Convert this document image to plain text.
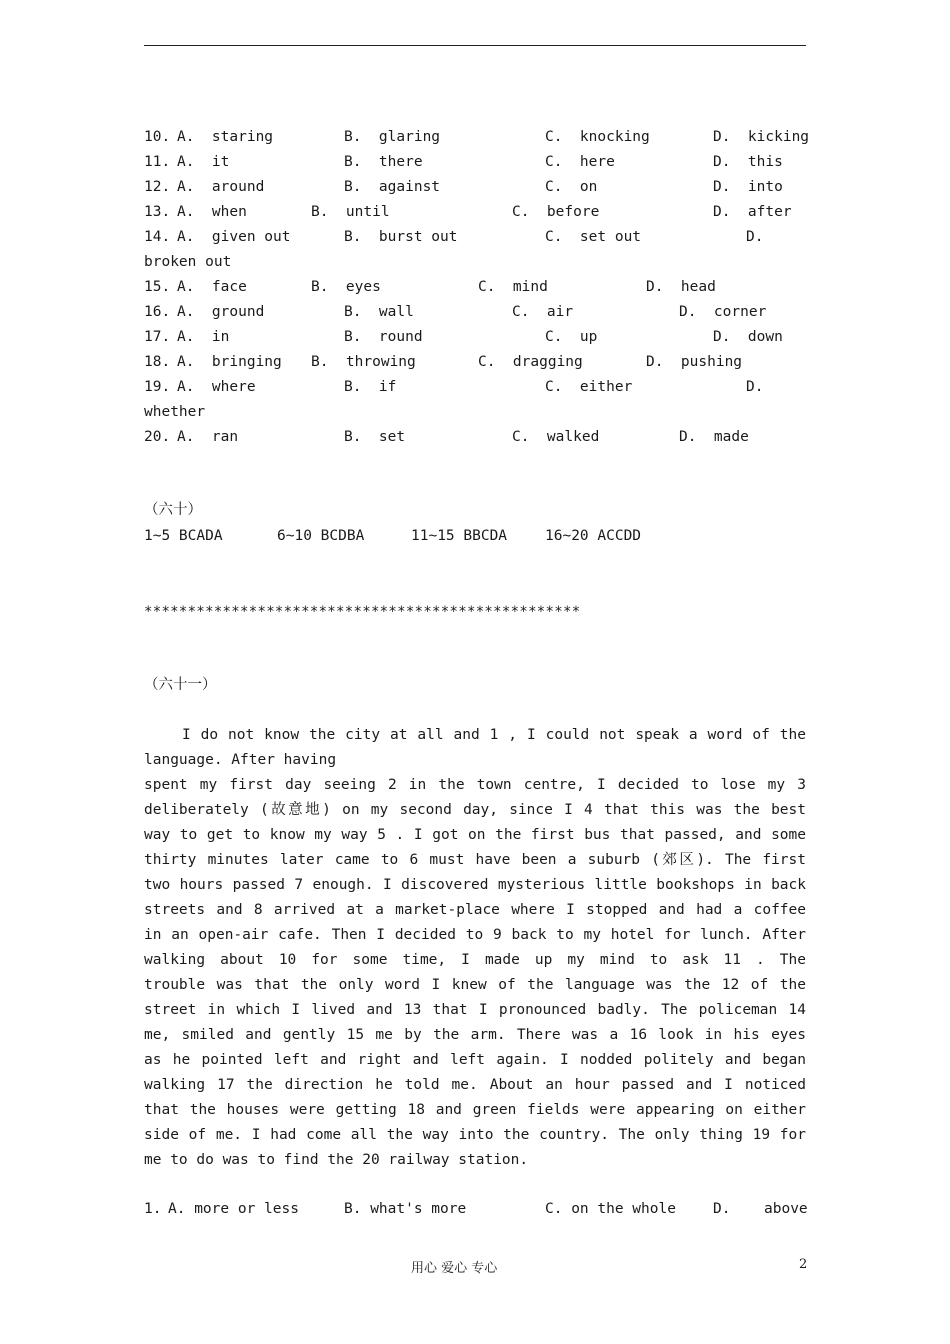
10. A.  staring	B.  glaring	C.  knocking	D.  kicking
11. A.  it	B.  there	C.  here	D.  this
12. A.  around	B.  against	C.  on	D.  into
13. A.  when	B.  until	C.  before	D.  after
14. A.  given out	B.  burst out	C.  set out	D.
broken out
15. A.  face	B.  eyes	C.  mind	D.  head
16. A.  ground	B.  wall	C.  air	D.  corner
17. A.  in	B.  round	C.  up	D.  down
18. A.  bringing B.  throwing	C.  dragging	D.  pushing
19. A.  where	B.  if	C.  either	D.
whether
20. A.  ran	B.  set	C.  walked	D.  made
（六十）
1~5 BCADA	6~10 BCDBA	11~15 BBCDA	16~20 ACCDD
**************************************************
（六十一）
I do not know the city at all and 1 , I could not speak a word of the
language. After having
spent my first day seeing 2 in the town centre, I decided to lose my 3
deliberately (故意地) on my second day, since I 4 that this was the best
way to get to know my way 5 . I got on the first bus that passed, and some
thirty minutes later came to 6 must have been a suburb (郊区). The first
two hours passed 7 enough. I discovered mysterious little bookshops in back
streets and 8 arrived at a market-place where I stopped and had a coffee
in an open-air cafe. Then I decided to 9 back to my hotel for lunch. After
walking about 10 for some time, I made up my mind to ask 11 . The
trouble was that the only word I knew of the language was the 12 of the
street in which I lived and 13 that I pronounced badly. The policeman 14
me, smiled and gently 15 me by the arm. There was a 16 look in his eyes
as he pointed left and right and left again. I nodded politely and began
walking 17 the direction he told me. About an hour passed and I noticed
that the houses were getting 18 and green fields were appearing on either
side of me. I had come all the way into the country. The only thing 19 for
me to do was to find the 20 railway station.
1. A. more or less	B. what's more	C. on the whole	D. above
用心 爱心 专心	2
